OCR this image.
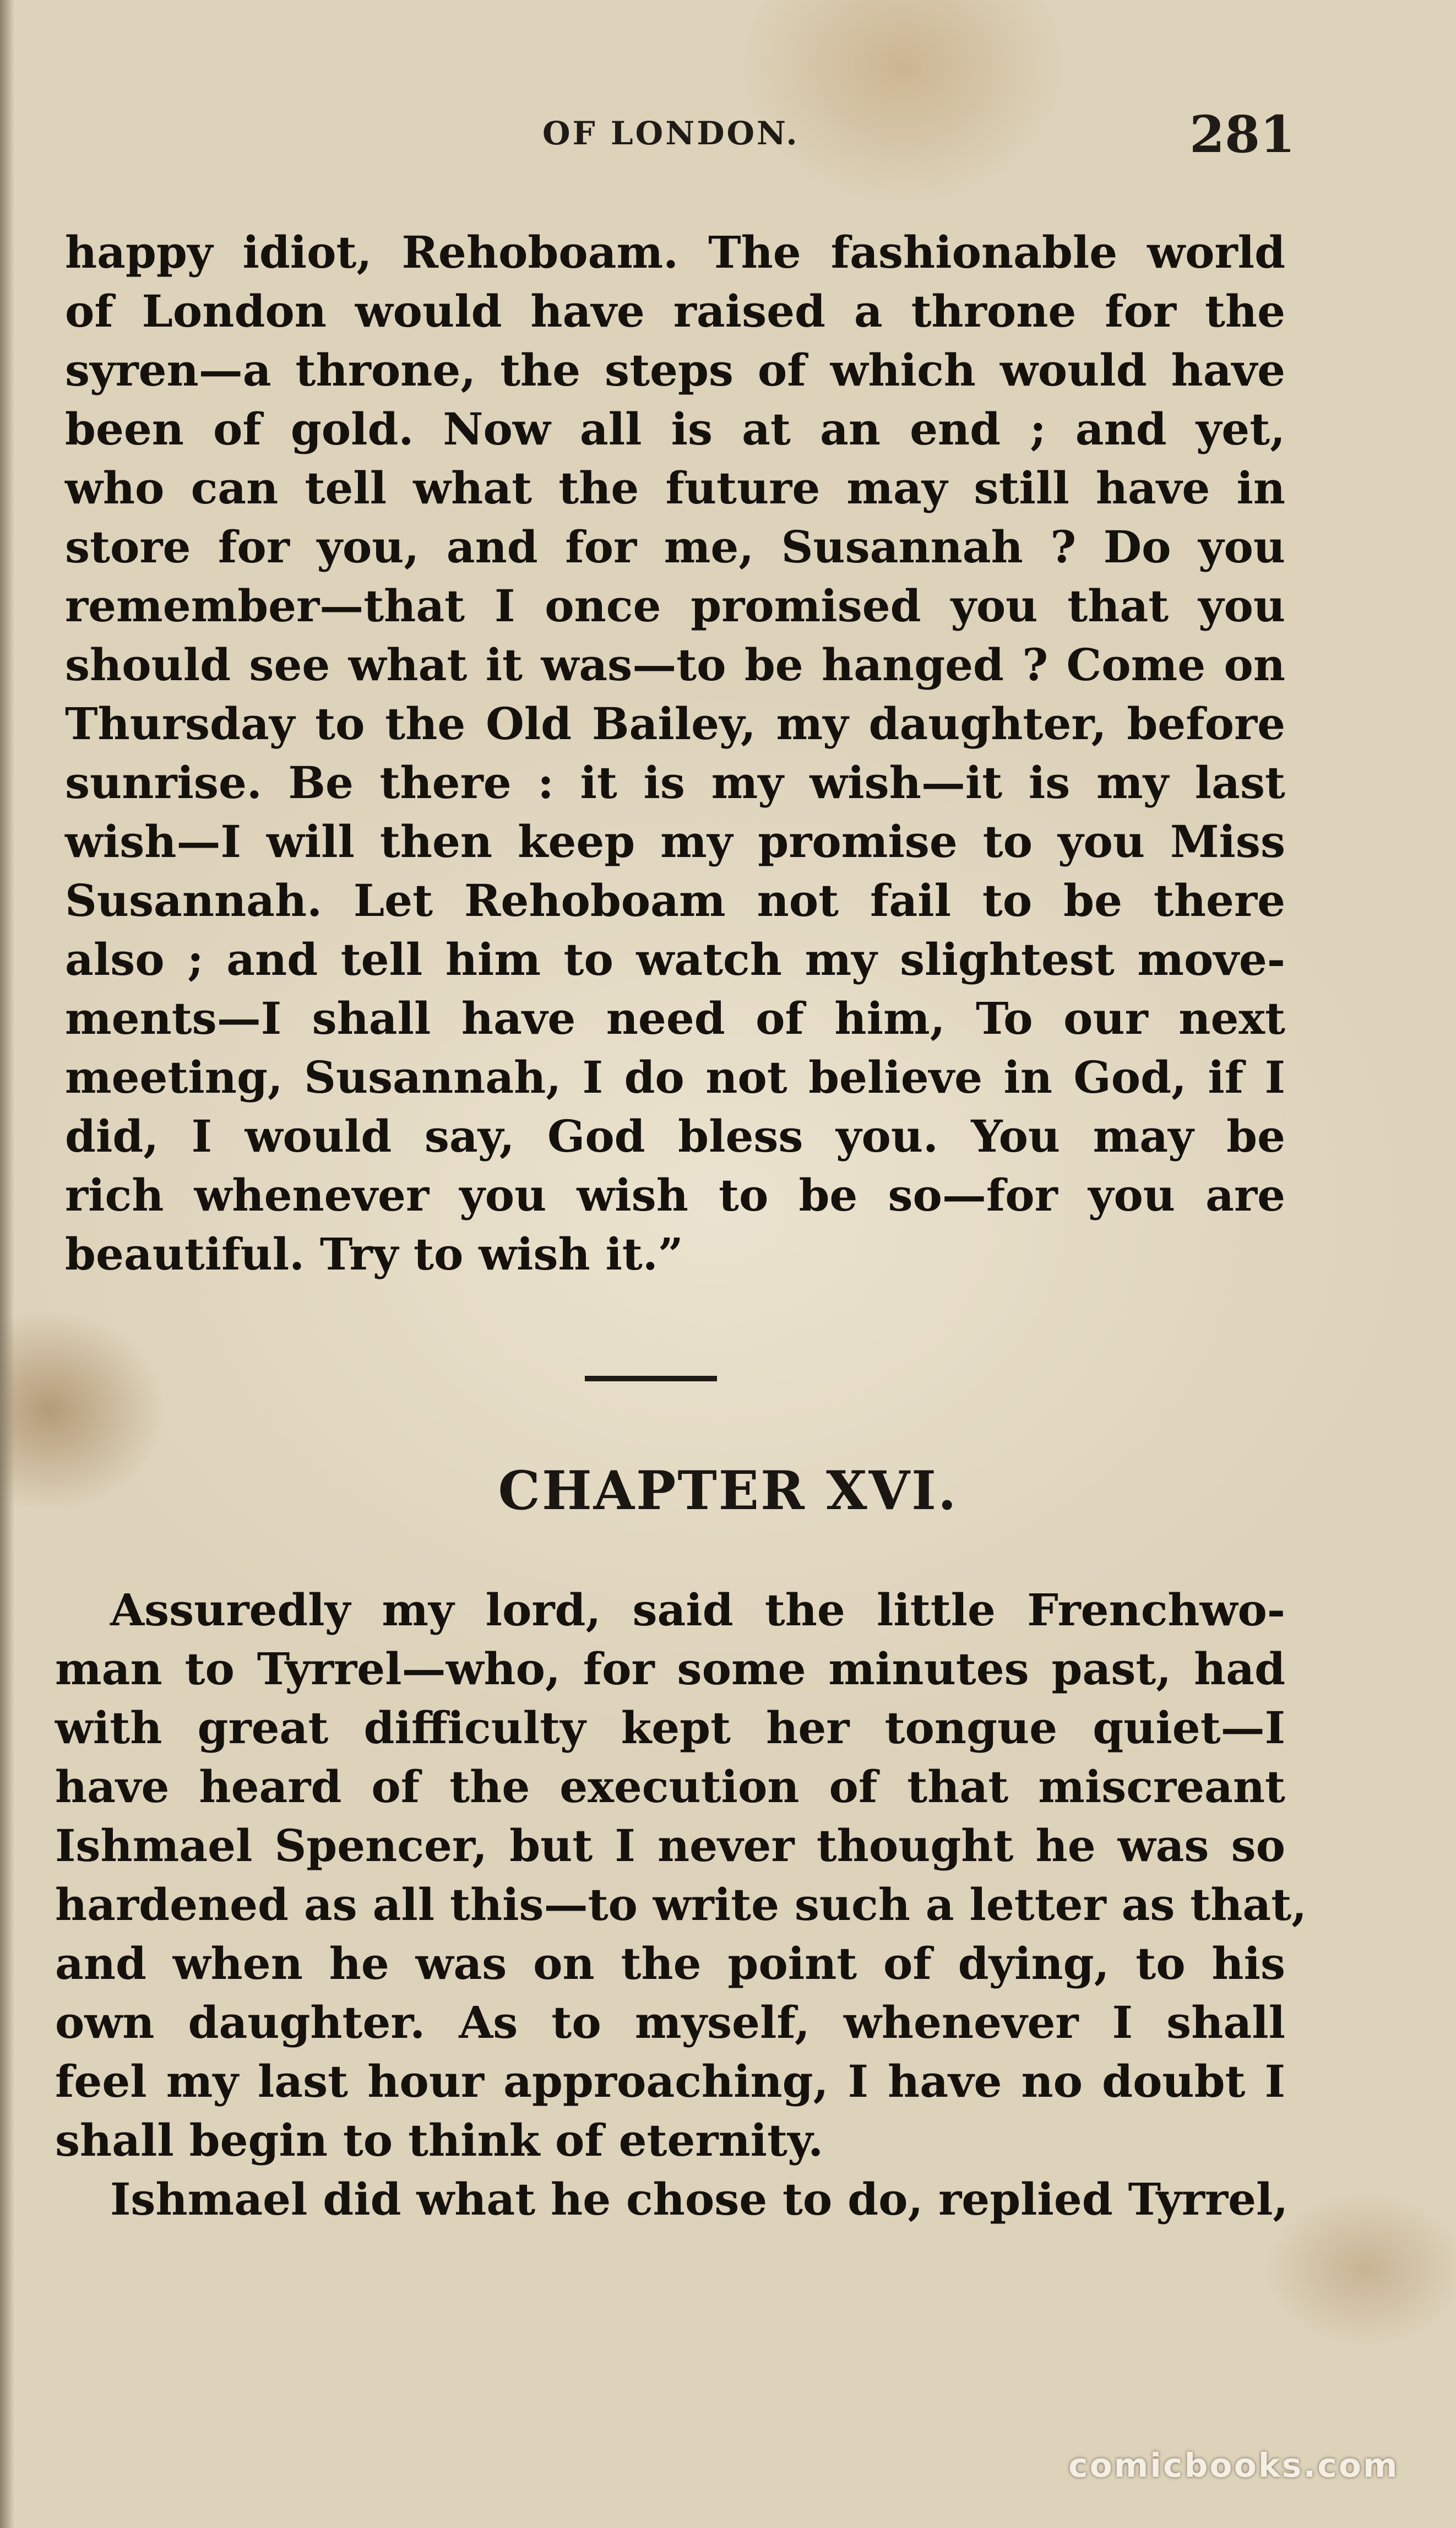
OF LONDON.	281
happy idiot, Rehoboam. The fashionable world
of London would have raised a throne for the
syren—a throne, the steps of which would have
been of gold. Now all is at an end ; and yet,
who can tell what the future may still have in
store for you, and for me, Susannah ? Do you
remember—that I once promised you that you
should see what it was—to be hanged ? Come on
Thursday to the Old Bailey, my daughter, before
sunrise. Be there : it is my wish—it is my last
wish—I will then keep my promise to you Miss
Susannah. Let Rehoboam not fail to be there
also ; and tell him to watch my slightest move-
ments—I shall have need of him, To our next
meeting, Susannah, I do not believe in God, if I
did, I would say, God bless you. You may be
rich whenever you wish to be so—for you are
beautiful. Try to wish it.”
CHAPTER XVI.
Assuredly my lord, said the little Frenchwo-
man to Tyrrel—who, for some minutes past, had
with great difficulty kept her tongue quiet—I
have heard of the execution of that miscreant
Ishmael Spencer, but I never thought he was so
hardened as all this—to write such a letter as that,
and when he was on the point of dying, to his
own daughter. As to myself, whenever I shall
feel my last hour approaching, I have no doubt I
shall begin to think of eternity.
Ishmael did what he chose to do, replied Tyrrel,
comicbooks.com
